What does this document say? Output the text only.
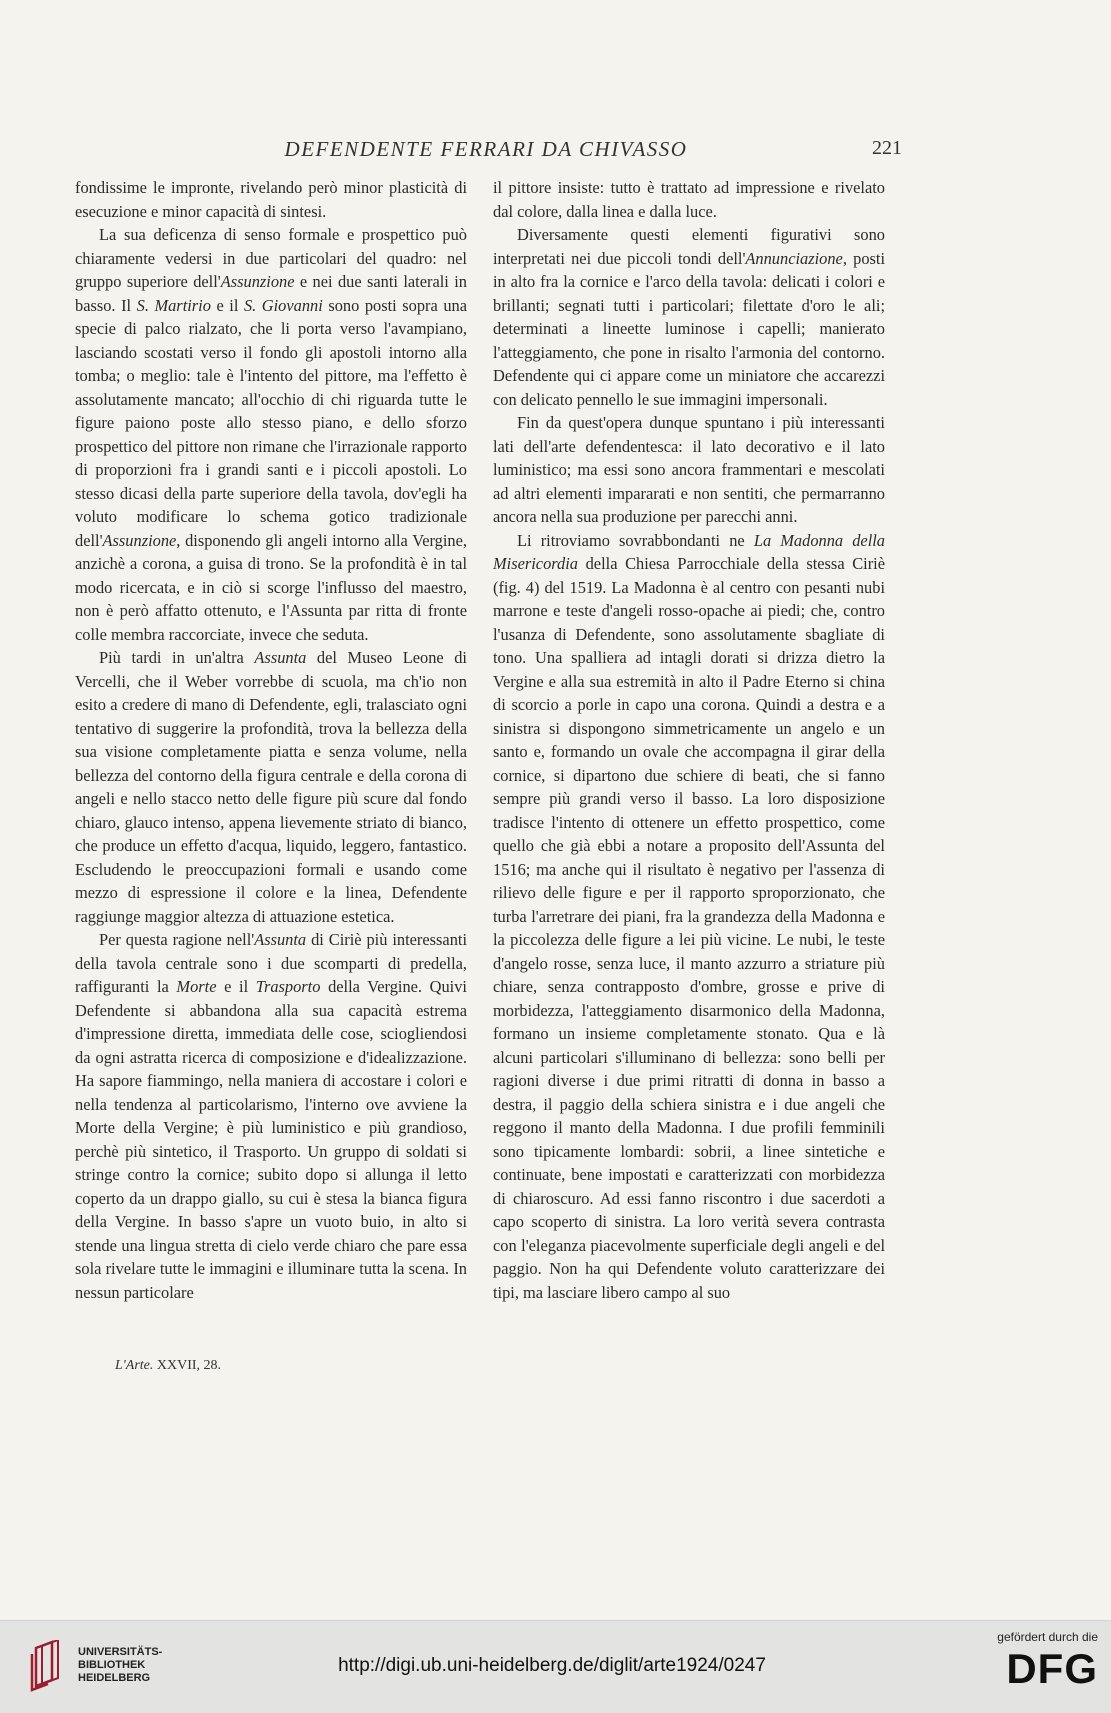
DEFENDENTE FERRARI DA CHIVASSO	221

fondissime le impronte, rivelando però minor plasticità di esecuzione e minor capacità di sintesi.

La sua deficenza di senso formale e prospettico può chiaramente vedersi in due particolari del quadro: nel gruppo superiore dell'Assunzione e nei due santi laterali in basso. Il S. Martirio e il S. Giovanni sono posti sopra una specie di palco rialzato, che li porta verso l'avampiano, lasciando scostati verso il fondo gli apostoli intorno alla tomba; o meglio: tale è l'intento del pittore, ma l'effetto è assolutamente mancato; all'occhio di chi riguarda tutte le figure paiono poste allo stesso piano, e dello sforzo prospettico del pittore non rimane che l'irrazionale rapporto di proporzioni fra i grandi santi e i piccoli apostoli. Lo stesso dicasi della parte superiore della tavola, dov'egli ha voluto modificare lo schema gotico tradizionale dell'Assunzione, disponendo gli angeli intorno alla Vergine, anzichè a corona, a guisa di trono. Se la profondità è in tal modo ricercata, e in ciò si scorge l'influsso del maestro, non è però affatto ottenuto, e l'Assunta par ritta di fronte colle membra raccorciate, invece che seduta.

Più tardi in un'altra Assunta del Museo Leone di Vercelli, che il Weber vorrebbe di scuola, ma ch'io non esito a credere di mano di Defendente, egli, tralasciato ogni tentativo di suggerire la profondità, trova la bellezza della sua visione completamente piatta e senza volume, nella bellezza del contorno della figura centrale e della corona di angeli e nello stacco netto delle figure più scure dal fondo chiaro, glauco intenso, appena lievemente striato di bianco, che produce un effetto d'acqua, liquido, leggero, fantastico. Escludendo le preoccupazioni formali e usando come mezzo di espressione il colore e la linea, Defendente raggiunge maggior altezza di attuazione estetica.

Per questa ragione nell'Assunta di Ciriè più interessanti della tavola centrale sono i due scomparti di predella, raffiguranti la Morte e il Trasporto della Vergine. Quivi Defendente si abbandona alla sua capacità estrema d'impressione diretta, immediata delle cose, sciogliendosi da ogni astratta ricerca di composizione e d'idealizzazione. Ha sapore fiammingo, nella maniera di accostare i colori e nella tendenza al particolarismo, l'interno ove avviene la Morte della Vergine; è più luministico e più grandioso, perchè più sintetico, il Trasporto. Un gruppo di soldati si stringe contro la cornice; subito dopo si allunga il letto coperto da un drappo giallo, su cui è stesa la bianca figura della Vergine. In basso s'apre un vuoto buio, in alto si stende una lingua stretta di cielo verde chiaro che pare essa sola rivelare tutte le immagini e illuminare tutta la scena. In nessun particolare

il pittore insiste: tutto è trattato ad impressione e rivelato dal colore, dalla linea e dalla luce.

Diversamente questi elementi figurativi sono interpretati nei due piccoli tondi dell'Annunciazione, posti in alto fra la cornice e l'arco della tavola: delicati i colori e brillanti; segnati tutti i particolari; filettate d'oro le ali; determinati a lineette luminose i capelli; manierato l'atteggiamento, che pone in risalto l'armonia del contorno. Defendente qui ci appare come un miniatore che accarezzi con delicato pennello le sue immagini impersonali.

Fin da quest'opera dunque spuntano i più interessanti lati dell'arte defendentesca: il lato decorativo e il lato luministico; ma essi sono ancora frammentari e mescolati ad altri elementi impararati e non sentiti, che permarranno ancora nella sua produzione per parecchi anni.

Li ritroviamo sovrabbondanti ne La Madonna della Misericordia della Chiesa Parrocchiale della stessa Ciriè (fig. 4) del 1519. La Madonna è al centro con pesanti nubi marrone e teste d'angeli rosso-opache ai piedi; che, contro l'usanza di Defendente, sono assolutamente sbagliate di tono. Una spalliera ad intagli dorati si drizza dietro la Vergine e alla sua estremità in alto il Padre Eterno si china di scorcio a porle in capo una corona. Quindi a destra e a sinistra si dispongono simmetricamente un angelo e un santo e, formando un ovale che accompagna il girar della cornice, si dipartono due schiere di beati, che si fanno sempre più grandi verso il basso. La loro disposizione tradisce l'intento di ottenere un effetto prospettico, come quello che già ebbi a notare a proposito dell'Assunta del 1516; ma anche qui il risultato è negativo per l'assenza di rilievo delle figure e per il rapporto sproporzionato, che turba l'arretrare dei piani, fra la grandezza della Madonna e la piccolezza delle figure a lei più vicine. Le nubi, le teste d'angelo rosse, senza luce, il manto azzurro a striature più chiare, senza contrapposto d'ombre, grosse e prive di morbidezza, l'atteggiamento disarmonico della Madonna, formano un insieme completamente stonato. Qua e là alcuni particolari s'illuminano di bellezza: sono belli per ragioni diverse i due primi ritratti di donna in basso a destra, il paggio della schiera sinistra e i due angeli che reggono il manto della Madonna. I due profili femminili sono tipicamente lombardi: sobrii, a linee sintetiche e continuate, bene impostati e caratterizzati con morbidezza di chiaroscuro. Ad essi fanno riscontro i due sacerdoti a capo scoperto di sinistra. La loro verità severa contrasta con l'eleganza piacevolmente superficiale degli angeli e del paggio. Non ha qui Defendente voluto caratterizzare dei tipi, ma lasciare libero campo al suo

L'Arte. XXVII, 28.
UNIVERSITÄTS-
BIBLIOTHEK
HEIDELBERG
http://digi.ub.uni-heidelberg.de/diglit/arte1924/0247
gefördert durch die
DFG
